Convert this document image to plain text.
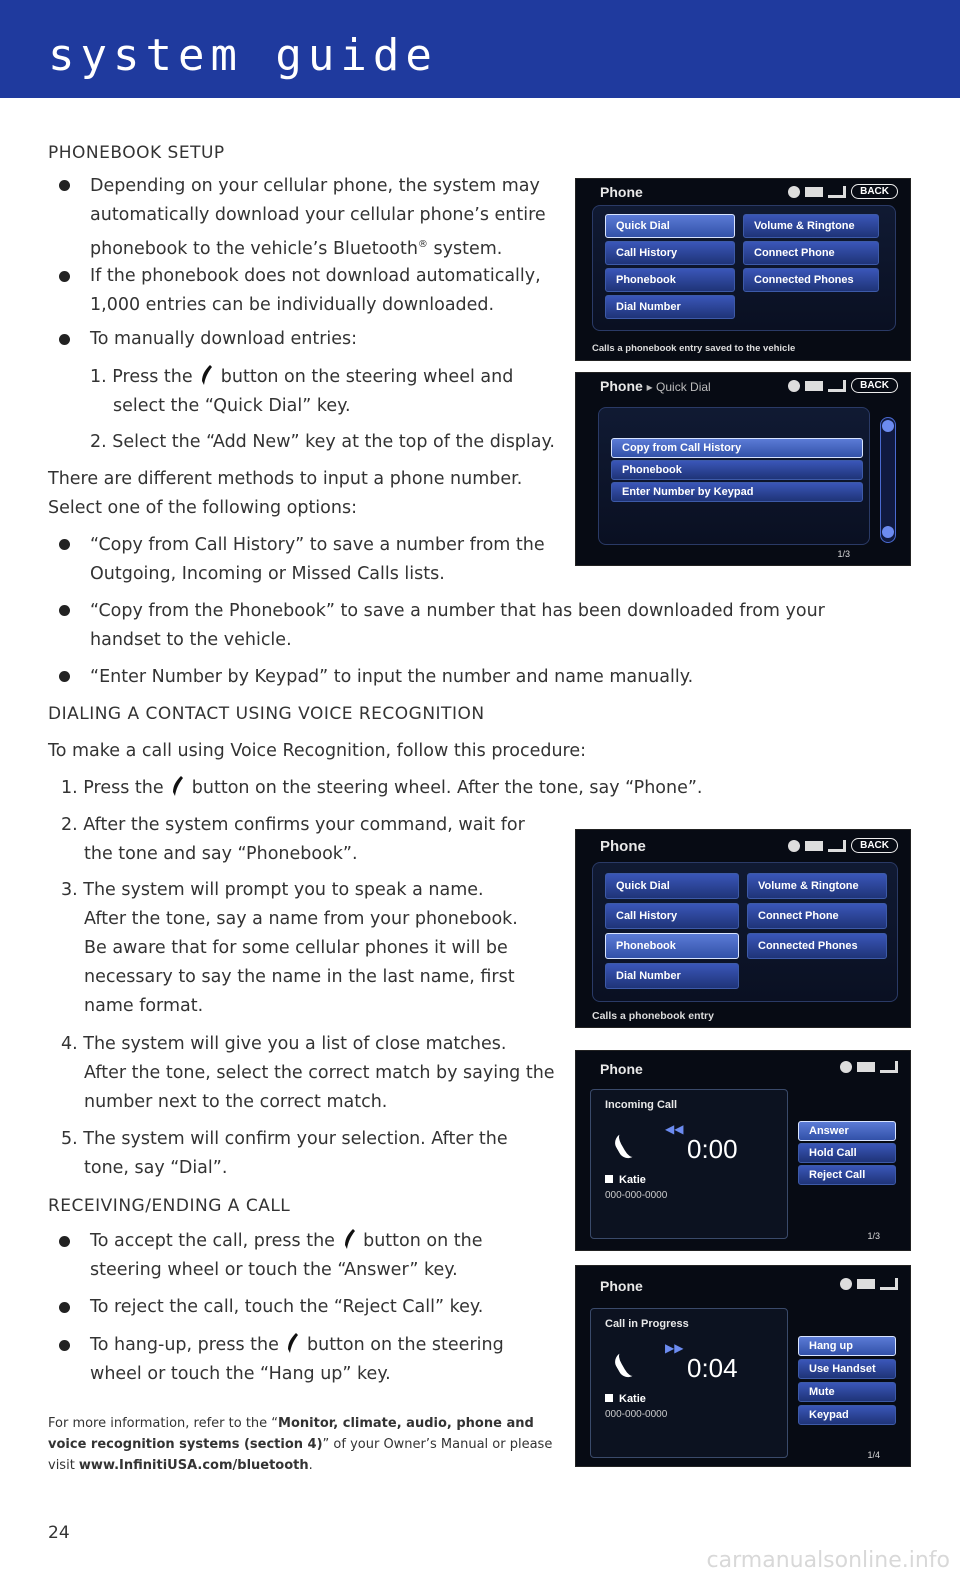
system guide
PHONEBOOK SETUP
Depending on your cellular phone, the system may
automatically download your cellular phone’s entire
phonebook to the vehicle’s Bluetooth® system.
If the phonebook does not download automatically,
1,000 entries can be individually downloaded.
To manually download entries:
1. Press the button on the steering wheel and
select the “Quick Dial” key.
2. Select the “Add New” key at the top of the display.
There are different methods to input a phone number.
Select one of the following options:
“Copy from Call History” to save a number from the
Outgoing, Incoming or Missed Calls lists.
“Copy from the Phonebook” to save a number that has been downloaded from your
handset to the vehicle.
“Enter Number by Keypad” to input the number and name manually.
DIALING A CONTACT USING VOICE RECOGNITION
To make a call using Voice Recognition, follow this procedure:
1. Press the button on the steering wheel. After the tone, say “Phone”.
2. After the system confirms your command, wait for
the tone and say “Phonebook”.
3. The system will prompt you to speak a name.
After the tone, say a name from your phonebook.
Be aware that for some cellular phones it will be
necessary to say the name in the last name, first
name format.
4. The system will give you a list of close matches.
After the tone, select the correct match by saying the
number next to the correct match.
5. The system will confirm your selection. After the
tone, say “Dial”.
RECEIVING/ENDING A CALL
To accept the call, press the button on the
steering wheel or touch the “Answer” key.
To reject the call, touch the “Reject Call” key.
To hang-up, press the button on the steering
wheel or touch the “Hang up” key.
For more information, refer to the “Monitor, climate, audio, phone and voice recognition systems (section 4)” of your Owner’s Manual or please visit www.InfinitiUSA.com/bluetooth.
24
carmanualsonline.info
Phone	BACK
Quick Dial
Call History
Phonebook
Dial Number
Volume & Ringtone
Connect Phone
Connected Phones
Calls a phonebook entry saved to the vehicle
Phone ▸ Quick Dial	BACK
Copy from Call History
Phonebook
Enter Number by Keypad
1/3
Phone	BACK
Quick Dial
Call History
Phonebook
Dial Number
Volume & Ringtone
Connect Phone
Connected Phones
Calls a phonebook entry
Phone
Incoming Call
◀◀
0:00
Katie
000-000-0000
Answer
Hold Call
Reject Call
1/3
Phone
Call in Progress
▶▶
0:04
Katie
000-000-0000
Hang up
Use Handset
Mute
Keypad
1/4
